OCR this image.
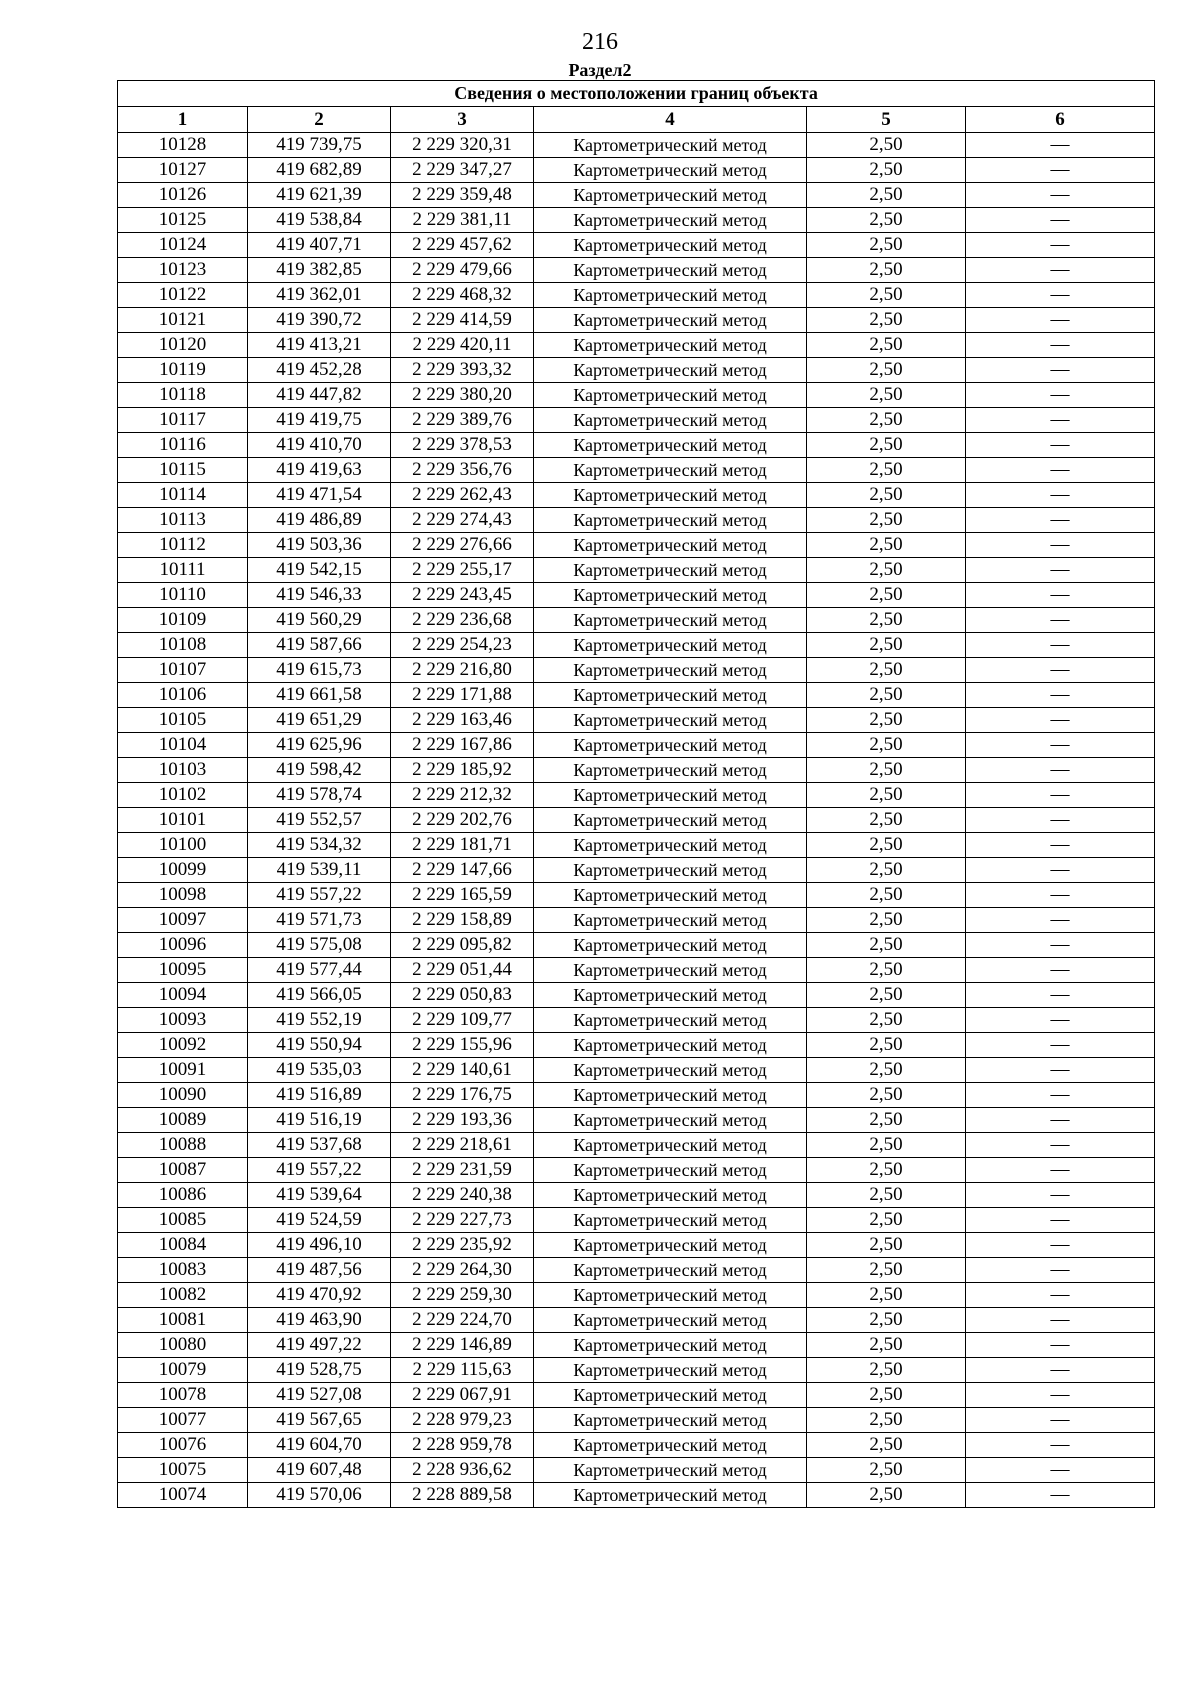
216
Раздел2
Сведения о местоположении границ объекта					
1	2	3	4	5	6
10128	419 739,75	2 229 320,31	Картометрический метод	2,50	—
10127	419 682,89	2 229 347,27	Картометрический метод	2,50	—
10126	419 621,39	2 229 359,48	Картометрический метод	2,50	—
10125	419 538,84	2 229 381,11	Картометрический метод	2,50	—
10124	419 407,71	2 229 457,62	Картометрический метод	2,50	—
10123	419 382,85	2 229 479,66	Картометрический метод	2,50	—
10122	419 362,01	2 229 468,32	Картометрический метод	2,50	—
10121	419 390,72	2 229 414,59	Картометрический метод	2,50	—
10120	419 413,21	2 229 420,11	Картометрический метод	2,50	—
10119	419 452,28	2 229 393,32	Картометрический метод	2,50	—
10118	419 447,82	2 229 380,20	Картометрический метод	2,50	—
10117	419 419,75	2 229 389,76	Картометрический метод	2,50	—
10116	419 410,70	2 229 378,53	Картометрический метод	2,50	—
10115	419 419,63	2 229 356,76	Картометрический метод	2,50	—
10114	419 471,54	2 229 262,43	Картометрический метод	2,50	—
10113	419 486,89	2 229 274,43	Картометрический метод	2,50	—
10112	419 503,36	2 229 276,66	Картометрический метод	2,50	—
10111	419 542,15	2 229 255,17	Картометрический метод	2,50	—
10110	419 546,33	2 229 243,45	Картометрический метод	2,50	—
10109	419 560,29	2 229 236,68	Картометрический метод	2,50	—
10108	419 587,66	2 229 254,23	Картометрический метод	2,50	—
10107	419 615,73	2 229 216,80	Картометрический метод	2,50	—
10106	419 661,58	2 229 171,88	Картометрический метод	2,50	—
10105	419 651,29	2 229 163,46	Картометрический метод	2,50	—
10104	419 625,96	2 229 167,86	Картометрический метод	2,50	—
10103	419 598,42	2 229 185,92	Картометрический метод	2,50	—
10102	419 578,74	2 229 212,32	Картометрический метод	2,50	—
10101	419 552,57	2 229 202,76	Картометрический метод	2,50	—
10100	419 534,32	2 229 181,71	Картометрический метод	2,50	—
10099	419 539,11	2 229 147,66	Картометрический метод	2,50	—
10098	419 557,22	2 229 165,59	Картометрический метод	2,50	—
10097	419 571,73	2 229 158,89	Картометрический метод	2,50	—
10096	419 575,08	2 229 095,82	Картометрический метод	2,50	—
10095	419 577,44	2 229 051,44	Картометрический метод	2,50	—
10094	419 566,05	2 229 050,83	Картометрический метод	2,50	—
10093	419 552,19	2 229 109,77	Картометрический метод	2,50	—
10092	419 550,94	2 229 155,96	Картометрический метод	2,50	—
10091	419 535,03	2 229 140,61	Картометрический метод	2,50	—
10090	419 516,89	2 229 176,75	Картометрический метод	2,50	—
10089	419 516,19	2 229 193,36	Картометрический метод	2,50	—
10088	419 537,68	2 229 218,61	Картометрический метод	2,50	—
10087	419 557,22	2 229 231,59	Картометрический метод	2,50	—
10086	419 539,64	2 229 240,38	Картометрический метод	2,50	—
10085	419 524,59	2 229 227,73	Картометрический метод	2,50	—
10084	419 496,10	2 229 235,92	Картометрический метод	2,50	—
10083	419 487,56	2 229 264,30	Картометрический метод	2,50	—
10082	419 470,92	2 229 259,30	Картометрический метод	2,50	—
10081	419 463,90	2 229 224,70	Картометрический метод	2,50	—
10080	419 497,22	2 229 146,89	Картометрический метод	2,50	—
10079	419 528,75	2 229 115,63	Картометрический метод	2,50	—
10078	419 527,08	2 229 067,91	Картометрический метод	2,50	—
10077	419 567,65	2 228 979,23	Картометрический метод	2,50	—
10076	419 604,70	2 228 959,78	Картометрический метод	2,50	—
10075	419 607,48	2 228 936,62	Картометрический метод	2,50	—
10074	419 570,06	2 228 889,58	Картометрический метод	2,50	—
